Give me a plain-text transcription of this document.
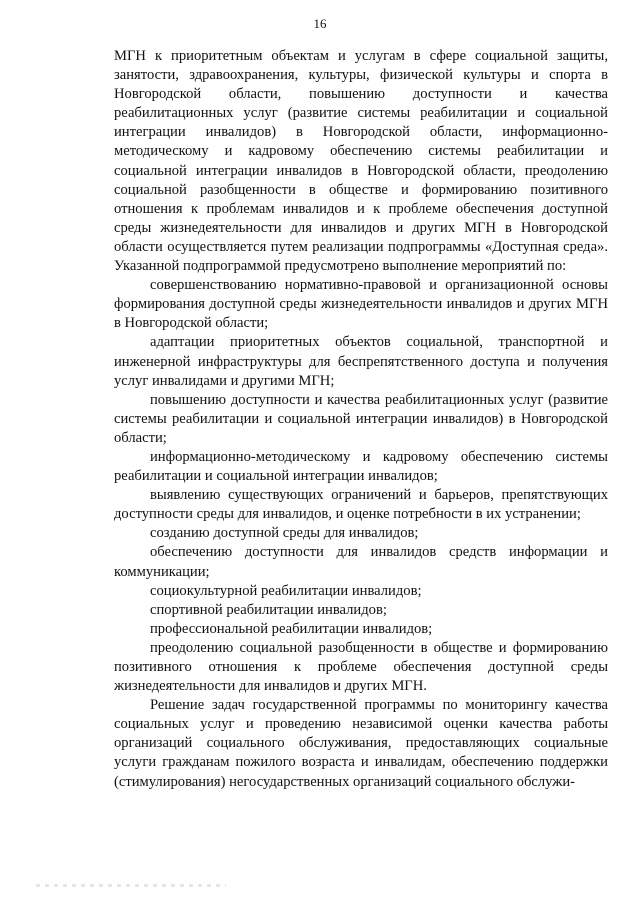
16

МГН к приоритетным объектам и услугам в сфере социальной защиты, занятости, здравоохранения, культуры, физической культуры и спорта в Новгородской области, повышению доступности и качества реабилитационных услуг (развитие системы реабилитации и социальной интеграции инвалидов) в Новгородской области, информационно-методическому и кадровому обеспечению системы реабилитации и социальной интеграции инвалидов в Новгородской области, преодолению социальной разобщенности в обществе и формированию позитивного отношения к проблемам инвалидов и к проблеме обеспечения доступной среды жизнедеятельности для инвалидов и других МГН в Новгородской области осуществляется путем реализации подпрограммы «Доступная среда». Указанной подпрограммой предусмотрено выполнение мероприятий по:

совершенствованию нормативно-правовой и организационной основы формирования доступной среды жизнедеятельности инвалидов и других МГН в Новгородской области;

адаптации приоритетных объектов социальной, транспортной и инженерной инфраструктуры для беспрепятственного доступа и получения услуг инвалидами и другими МГН;

повышению доступности и качества реабилитационных услуг (развитие системы реабилитации и социальной интеграции инвалидов) в Новгородской области;

информационно-методическому и кадровому обеспечению системы реабилитации и социальной интеграции инвалидов;

выявлению существующих ограничений и барьеров, препятствующих доступности среды для инвалидов, и оценке потребности в их устранении;

созданию доступной среды для инвалидов;

обеспечению доступности для инвалидов средств информации и коммуникации;

социокультурной реабилитации инвалидов;

спортивной реабилитации инвалидов;

профессиональной реабилитации инвалидов;

преодолению социальной разобщенности в обществе и формированию позитивного отношения к проблеме обеспечения доступной среды жизнедеятельности для инвалидов и других МГН.

Решение задач государственной программы по мониторингу качества социальных услуг и проведению независимой оценки качества работы организаций социального обслуживания, предоставляющих социальные услуги гражданам пожилого возраста и инвалидам, обеспечению поддержки (стимулирования) негосударственных организаций социального обслужи-
